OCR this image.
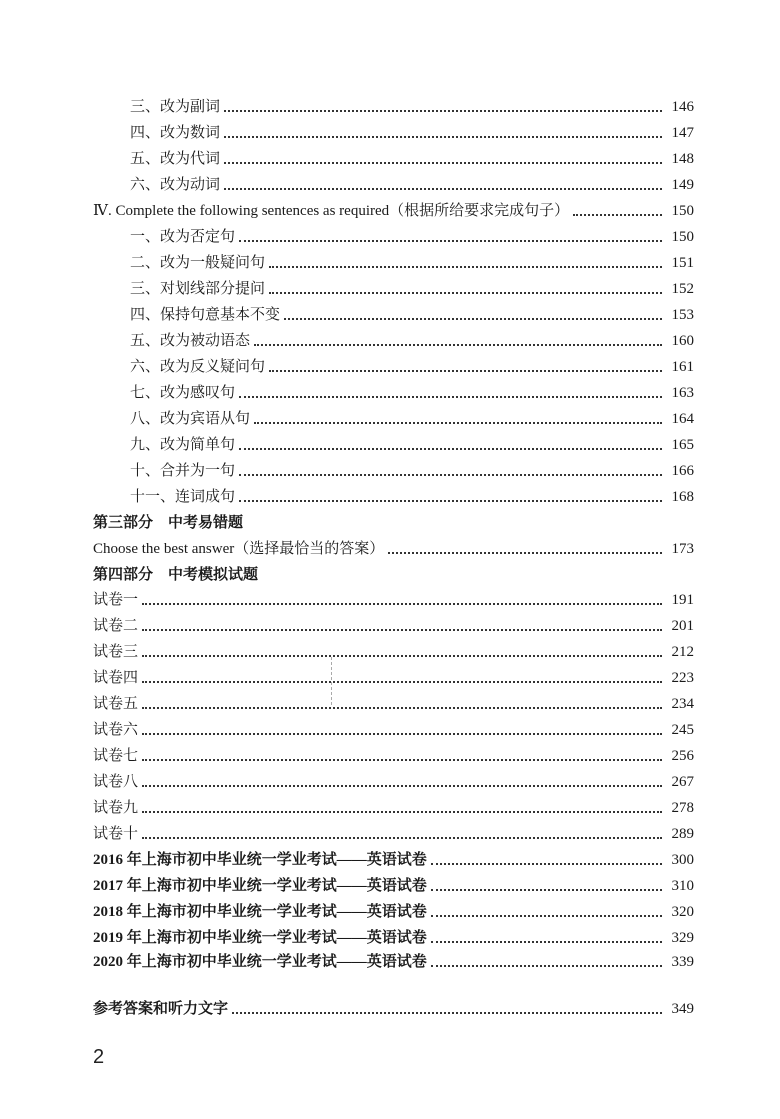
三、改为副词	146
四、改为数词	147
五、改为代词	148
六、改为动词	149
Ⅳ. Complete the following sentences as required（根据所给要求完成句子）	150
一、改为否定句	150
二、改为一般疑问句	151
三、对划线部分提问	152
四、保持句意基本不变	153
五、改为被动语态	160
六、改为反义疑问句	161
七、改为感叹句	163
八、改为宾语从句	164
九、改为简单句	165
十、合并为一句	166
十一、连词成句	168
第三部分　中考易错题
Choose the best answer（选择最恰当的答案）	173
第四部分　中考模拟试题
试卷一	191
试卷二	201
试卷三	212
试卷四	223
试卷五	234
试卷六	245
试卷七	256
试卷八	267
试卷九	278
试卷十	289
2016 年上海市初中毕业统一学业考试——英语试卷	300
2017 年上海市初中毕业统一学业考试——英语试卷	310
2018 年上海市初中毕业统一学业考试——英语试卷	320
2019 年上海市初中毕业统一学业考试——英语试卷	329
2020 年上海市初中毕业统一学业考试——英语试卷	339
参考答案和听力文字	349
2
